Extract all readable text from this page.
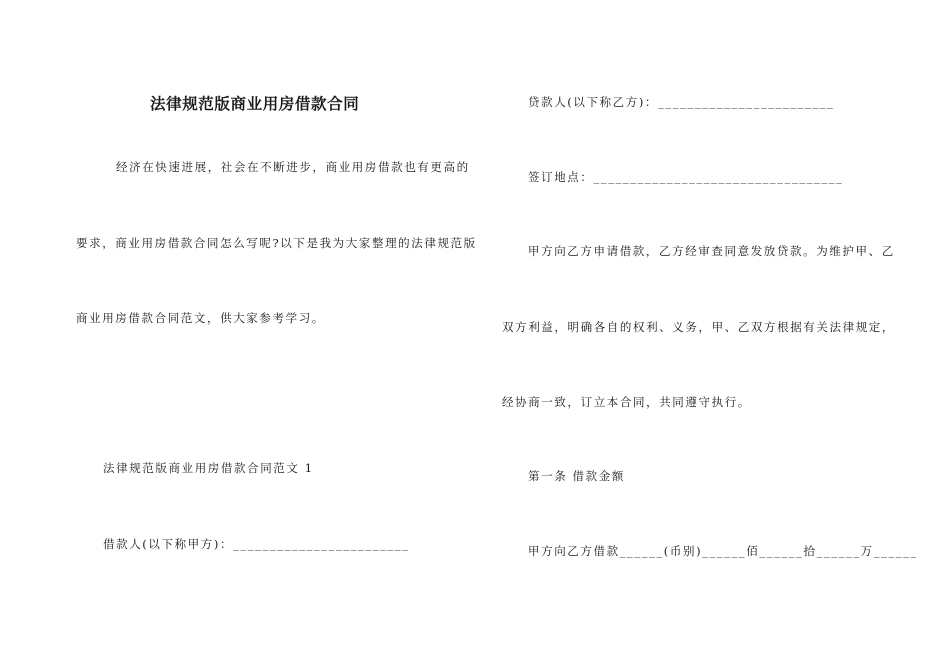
法律规范版商业用房借款合同
经济在快速进展，社会在不断进步，商业用房借款也有更高的
要求，商业用房借款合同怎么写呢?以下是我为大家整理的法律规范版
商业用房借款合同范文，供大家参考学习。
法律规范版商业用房借款合同范文 1
借款人(以下称甲方)：________________________
贷款人(以下称乙方)：________________________
签订地点：__________________________________
甲方向乙方申请借款，乙方经审查同意发放贷款。为维护甲、乙
双方利益，明确各自的权利、义务，甲、乙双方根据有关法律规定，
经协商一致，订立本合同，共同遵守执行。
第一条 借款金额
甲方向乙方借款______(币别)______佰______拾______万______
